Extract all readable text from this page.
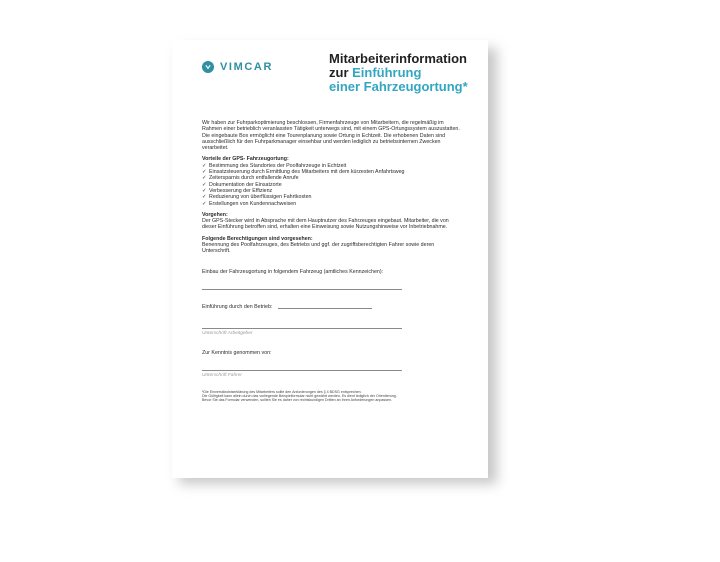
VIMCAR
Mitarbeiterinformation
zur Einführung
einer Fahrzeugortung*
Wir haben zur Fuhrparkoptimierung beschlossen, Firmenfahrzeuge von Mitarbeitern, die regelmäßig im Rahmen einer betrieblich veranlassten Tätigkeit unterwegs sind, mit einem GPS-Ortungssystem auszustatten. Die eingebaute Box ermöglicht eine Tourenplanung sowie Ortung in Echtzeit. Die erhobenen Daten sind ausschließlich für den Fuhrparkmanager einsehbar und werden lediglich zu betriebsinternen Zwecken verarbeitet.
Vorteile der GPS- Fahrzeugortung:
✓ Bestimmung des Standortes der Poolfahrzeuge in Echtzeit
✓ Einsatzsteuerung durch Ermittlung des Mitarbeiters mit dem kürzesten Anfahrtsweg
✓ Zeitersparnis durch entfallende Anrufe
✓ Dokumentation der Einsatzorte
✓ Verbesserung der Effizienz
✓ Reduzierung von überflüssigen Fahrtkosten
✓ Erstellungen von Kundennachweisen
Vorgehen:
Der GPS-Stecker wird in Absprache mit dem Hauptnutzer des Fahrzeuges eingebaut. Mitarbeiter, die von dieser Einführung betroffen sind, erhalten eine Einweisung sowie Nutzungshinweise vor Inbetriebnahme.
Folgende Berechtigungen sind vorgesehen:
Benennung des Poolfahrzeuges, des Betriebs und ggf. der zugriffsberechtigten Fahrer sowie deren Unterschrift.
Einbau der Fahrzeugortung in folgendem Fahrzeug (amtliches Kennzeichen):
Einführung durch den Betrieb:
Unterschrift Arbeitgeber
Zur Kenntnis genommen von:
Unterschrift Fahrer
*Die Einverständniserklärung des Mitarbeiters sollte den Anforderungen des § 4 BDSG entsprechen.
Die Gültigkeit kann allein durch das vorliegende Beispielformular nicht gewährt werden. Es dient lediglich der Orientierung.
Bevor Sie das Formular verwenden, sollten Sie es daher von rechtskundigen Dritten an Ihren Anforderungen anpassen.
